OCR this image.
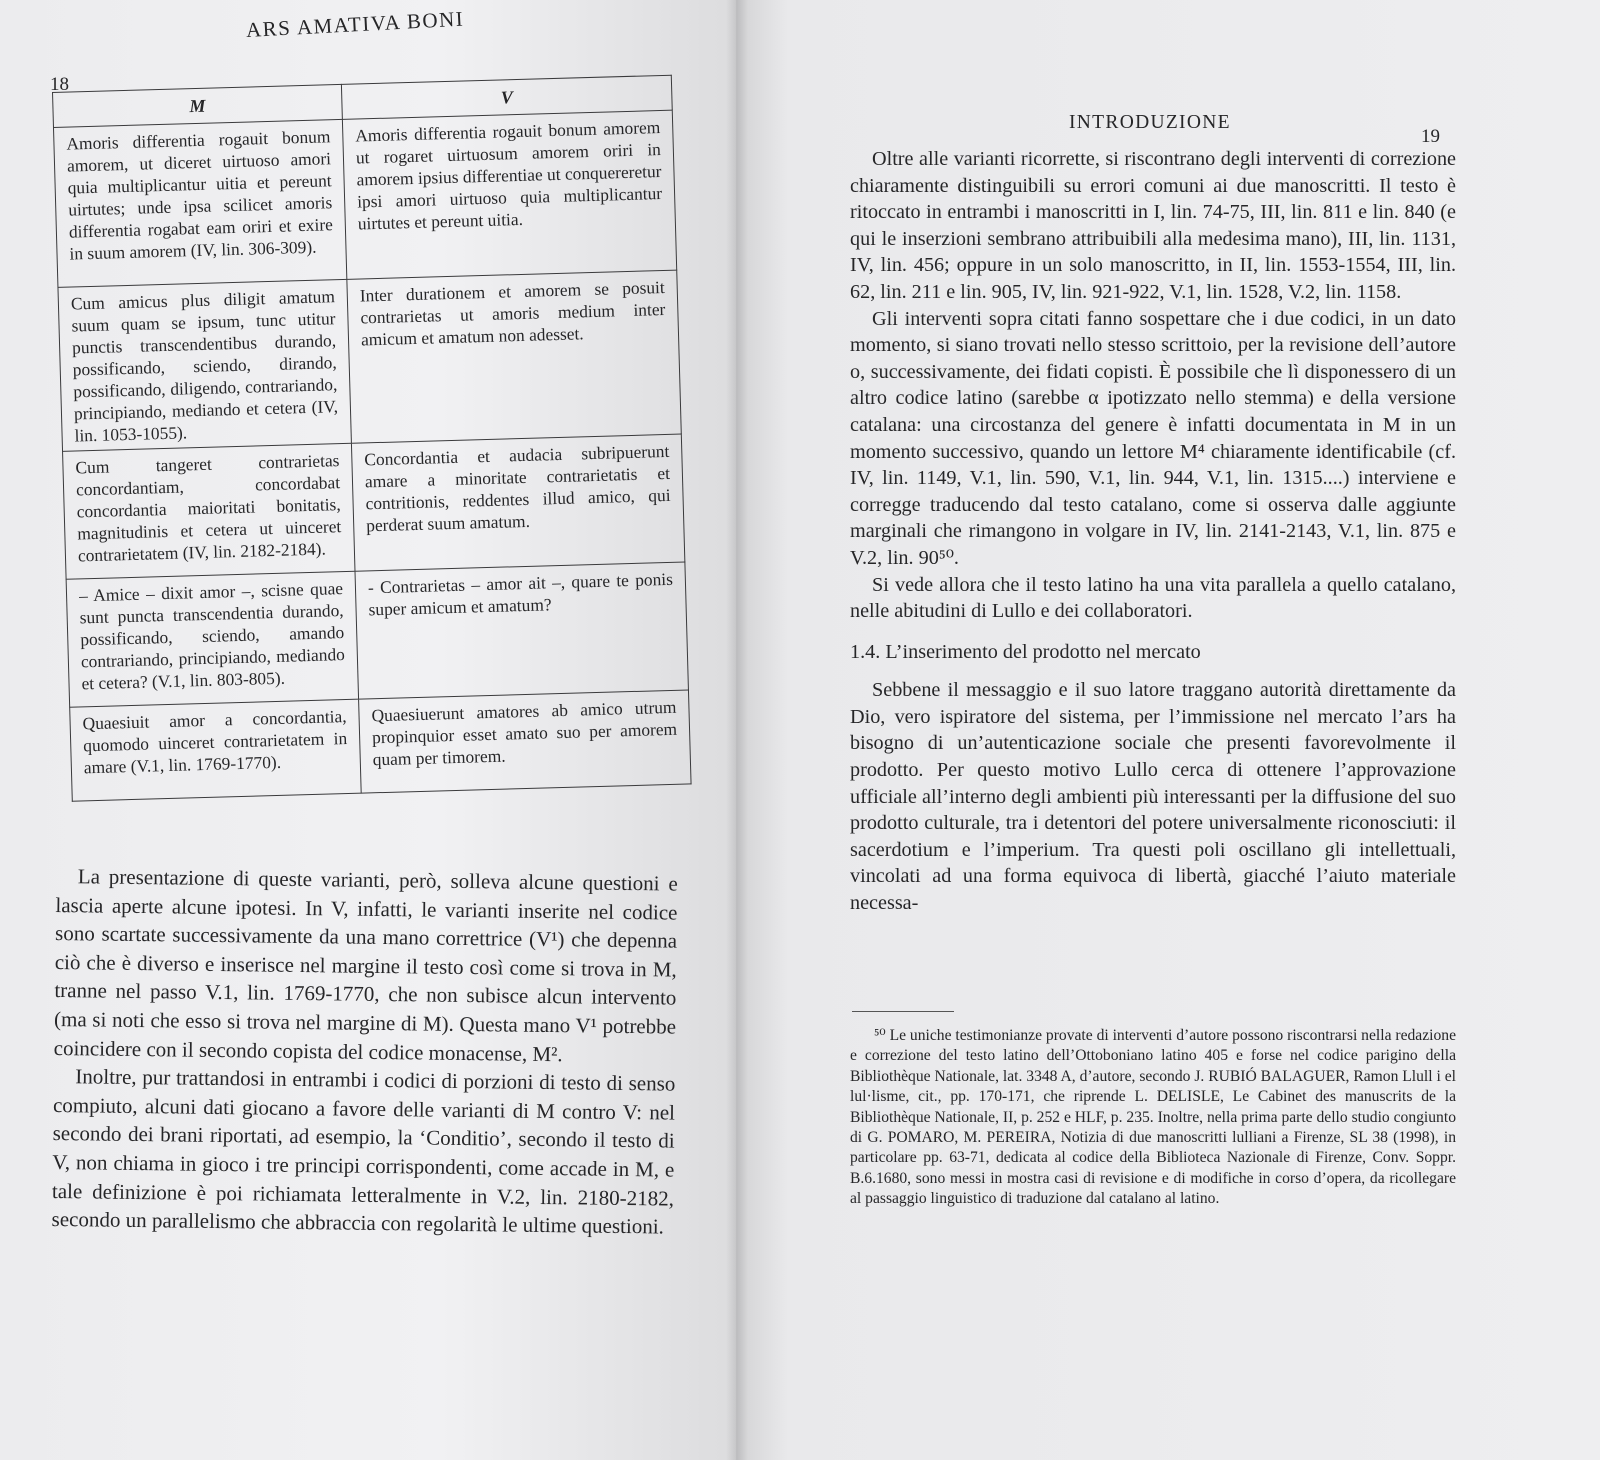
ARS AMATIVA BONI
18
M	V
Amoris differentia rogauit bonum amorem, ut diceret uirtuoso amori quia multiplicantur uitia et pereunt uirtutes; unde ipsa scilicet amoris differentia rogabat eam oriri et exire in suum amorem (IV, lin. 306-309).	Amoris differentia rogauit bonum amorem ut rogaret uirtuosum amorem oriri in amorem ipsius differentiae ut conquereretur ipsi amori uirtuoso quia multiplicantur uirtutes et pereunt uitia.
Cum amicus plus diligit amatum suum quam se ipsum, tunc utitur punctis transcendentibus durando, possificando, sciendo, dirando, possificando, diligendo, contrariando, principiando, mediando et cetera (IV, lin. 1053-1055).	Inter durationem et amorem se posuit contrarietas ut amoris medium inter amicum et amatum non adesset.
Cum tangeret contrarietas concordantiam, concordabat concordantia maioritati bonitatis, magnitudinis et cetera ut uinceret contrarietatem (IV, lin. 2182-2184).	Concordantia et audacia subripuerunt amare a minoritate contrarietatis et contritionis, reddentes illud amico, qui perderat suum amatum.
– Amice – dixit amor –, scisne quae sunt puncta transcendentia durando, possificando, sciendo, amando contrariando, principiando, mediando et cetera? (V.1, lin. 803-805).	- Contrarietas – amor ait –, quare te ponis super amicum et amatum?
Quaesiuit amor a concordantia, quomodo uinceret contrarietatem in amare (V.1, lin. 1769-1770).	Quaesiuerunt amatores ab amico utrum propinquior esset amato suo per amorem quam per timorem.

La presentazione di queste varianti, però, solleva alcune questioni e lascia aperte alcune ipotesi. In V, infatti, le varianti inserite nel codice sono scartate successivamente da una mano correttrice (V¹) che depenna ciò che è diverso e inserisce nel margine il testo così come si trova in M, tranne nel passo V.1, lin. 1769-1770, che non subisce alcun intervento (ma si noti che esso si trova nel margine di M). Questa mano V¹ potrebbe coincidere con il secondo copista del codice monacense, M².

Inoltre, pur trattandosi in entrambi i codici di porzioni di testo di senso compiuto, alcuni dati giocano a favore delle varianti di M contro V: nel secondo dei brani riportati, ad esempio, la ‘Conditio’, secondo il testo di V, non chiama in gioco i tre principi corrispondenti, come accade in M, e tale definizione è poi richiamata letteralmente in V.2, lin. 2180-2182, secondo un parallelismo che abbraccia con regolarità le ultime questioni.

INTRODUZIONE
19

Oltre alle varianti ricorrette, si riscontrano degli interventi di correzione chiaramente distinguibili su errori comuni ai due manoscritti. Il testo è ritoccato in entrambi i manoscritti in I, lin. 74-75, III, lin. 811 e lin. 840 (e qui le inserzioni sembrano attribuibili alla medesima mano), III, lin. 1131, IV, lin. 456; oppure in un solo manoscritto, in II, lin. 1553-1554, III, lin. 62, lin. 211 e lin. 905, IV, lin. 921-922, V.1, lin. 1528, V.2, lin. 1158.

Gli interventi sopra citati fanno sospettare che i due codici, in un dato momento, si siano trovati nello stesso scrittoio, per la revisione dell’autore o, successivamente, dei fidati copisti. È possibile che lì disponessero di un altro codice latino (sarebbe α ipotizzato nello stemma) e della versione catalana: una circostanza del genere è infatti documentata in M in un momento successivo, quando un lettore M⁴ chiaramente identificabile (cf. IV, lin. 1149, V.1, lin. 590, V.1, lin. 944, V.1, lin. 1315....) interviene e corregge traducendo dal testo catalano, come si osserva dalle aggiunte marginali che rimangono in volgare in IV, lin. 2141-2143, V.1, lin. 875 e V.2, lin. 90⁵⁰.

Si vede allora che il testo latino ha una vita parallela a quello catalano, nelle abitudini di Lullo e dei collaboratori.

1.4. L’inserimento del prodotto nel mercato

Sebbene il messaggio e il suo latore traggano autorità direttamente da Dio, vero ispiratore del sistema, per l’immissione nel mercato l’ars ha bisogno di un’autenticazione sociale che presenti favorevolmente il prodotto. Per questo motivo Lullo cerca di ottenere l’approvazione ufficiale all’interno degli ambienti più interessanti per la diffusione del suo prodotto culturale, tra i detentori del potere universalmente riconosciuti: il sacerdotium e l’imperium. Tra questi poli oscillano gli intellettuali, vincolati ad una forma equivoca di libertà, giacché l’aiuto materiale necessa-

⁵⁰ Le uniche testimonianze provate di interventi d’autore possono riscontrarsi nella redazione e correzione del testo latino dell’Ottoboniano latino 405 e forse nel codice parigino della Bibliothèque Nationale, lat. 3348 A, d’autore, secondo J. RUBIÓ BALAGUER, Ramon Llull i el lul·lisme, cit., pp. 170-171, che riprende L. DELISLE, Le Cabinet des manuscrits de la Bibliothèque Nationale, II, p. 252 e HLF, p. 235. Inoltre, nella prima parte dello studio congiunto di G. POMARO, M. PEREIRA, Notizia di due manoscritti lulliani a Firenze, SL 38 (1998), in particolare pp. 63-71, dedicata al codice della Biblioteca Nazionale di Firenze, Conv. Soppr. B.6.1680, sono messi in mostra casi di revisione e di modifiche in corso d’opera, da ricollegare al passaggio linguistico di traduzione dal catalano al latino.
